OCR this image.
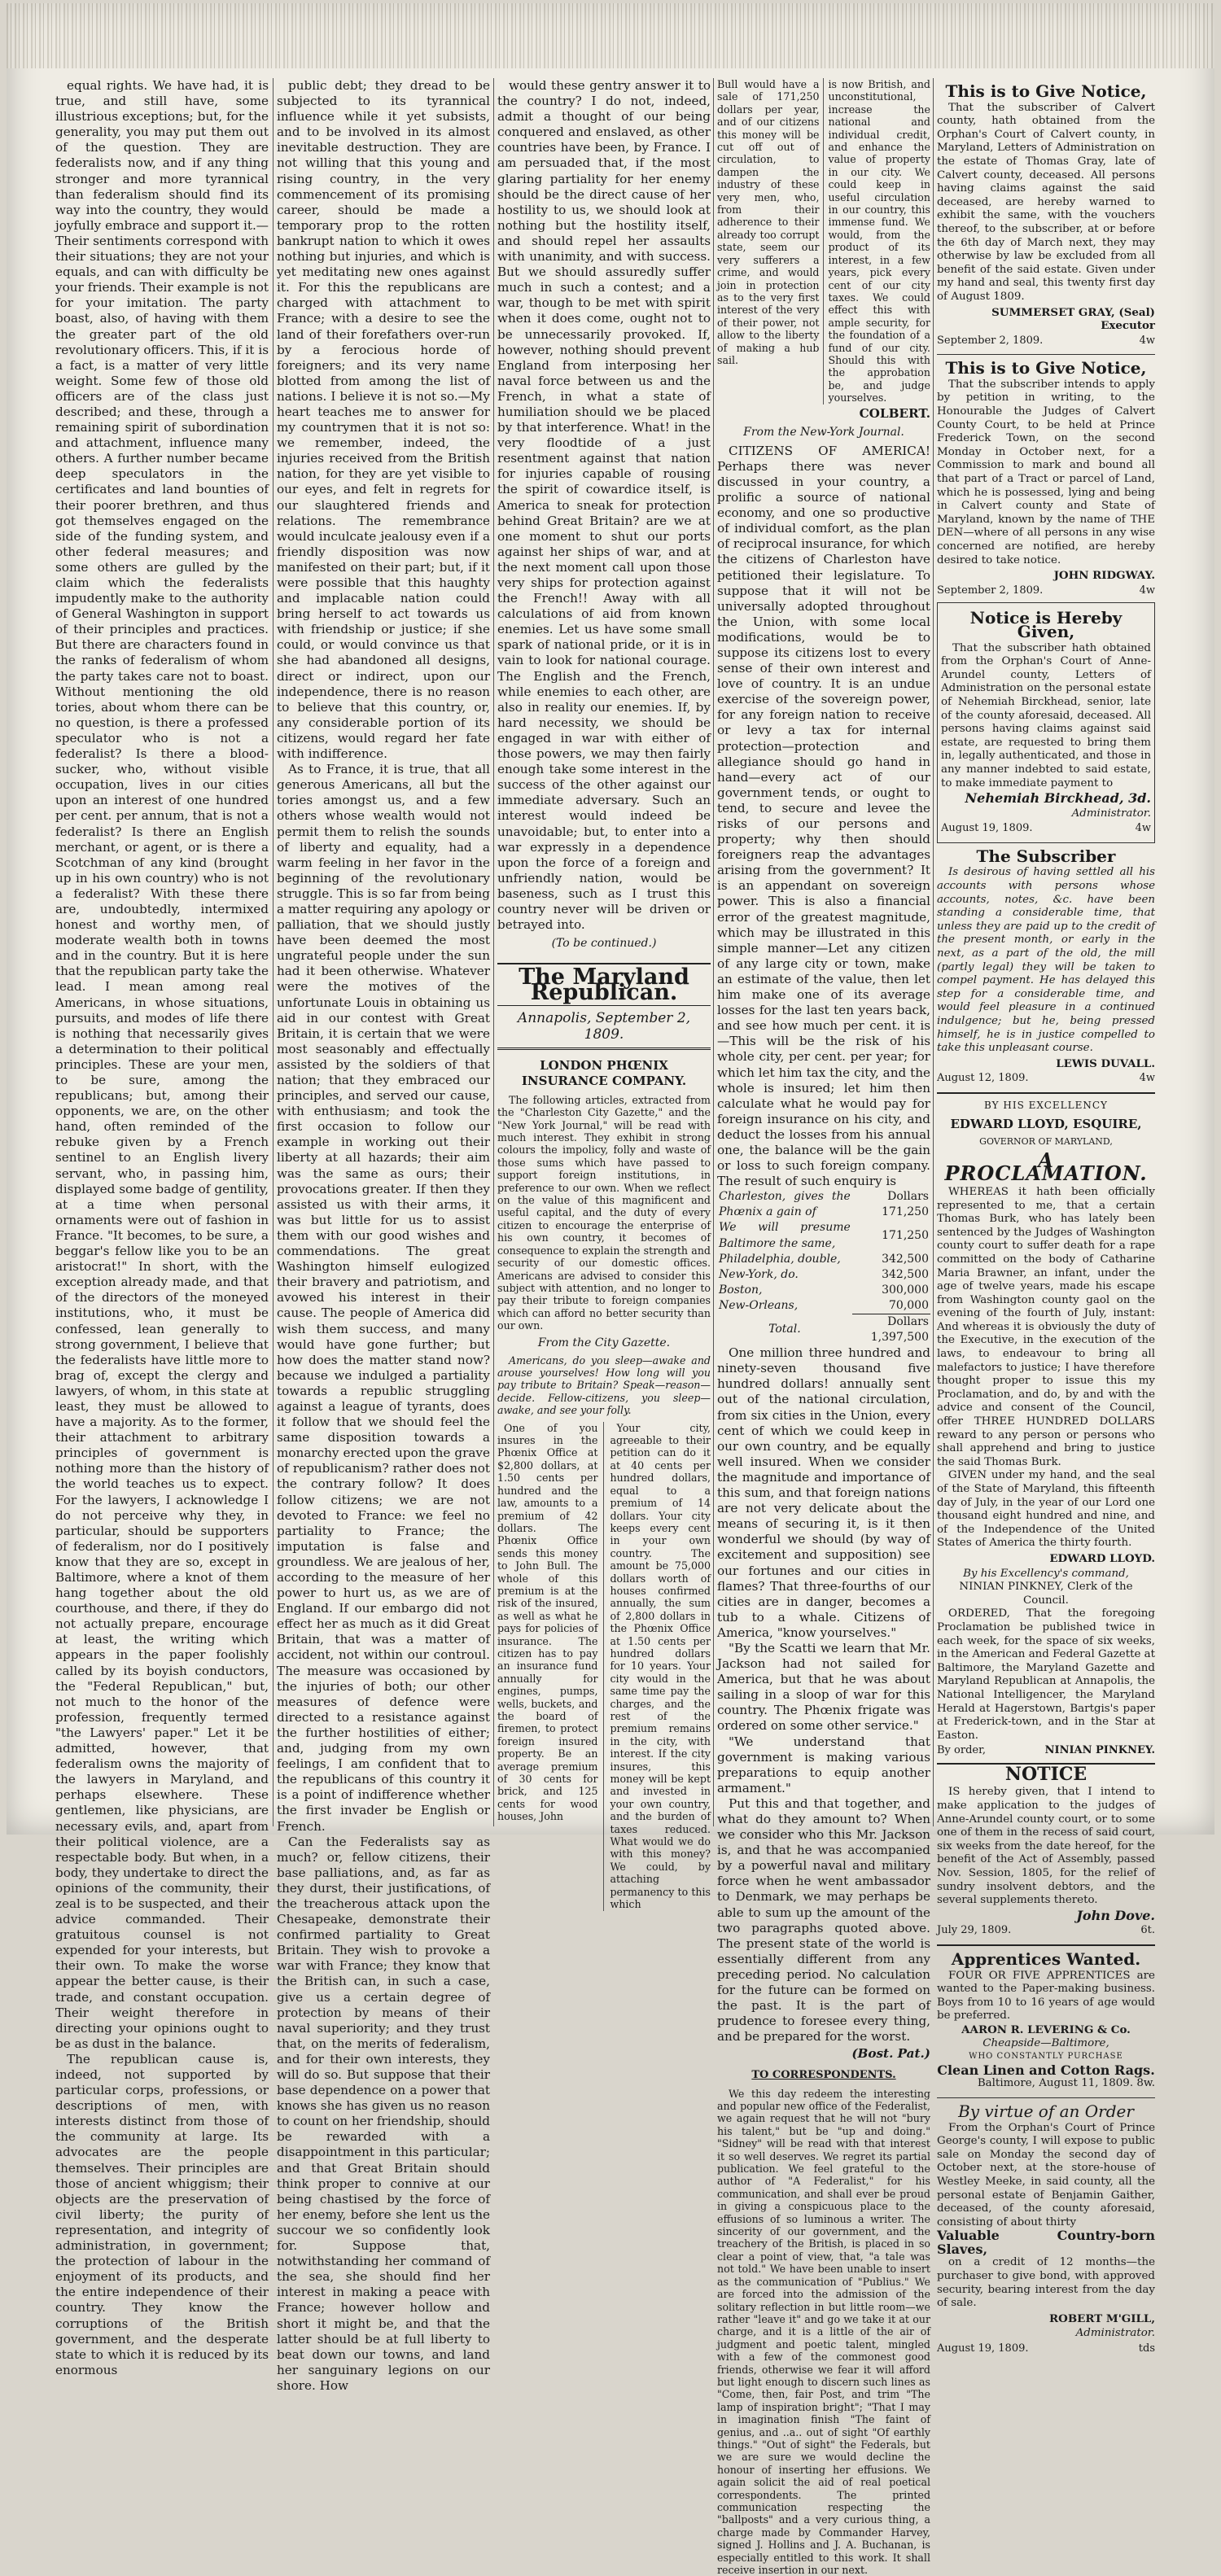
equal rights. We have had, it is true, and still have, some illustrious exceptions; but, for the generality, you may put them out of the question. They are federalists now, and if any thing stronger and more tyrannical than federalism should find its way into the country, they would joyfully embrace and support it.—Their sentiments correspond with their situations; they are not your equals, and can with difficulty be your friends. Their example is not for your imitation. The party boast, also, of having with them the greater part of the old revolutionary officers. This, if it is a fact, is a matter of very little weight. Some few of those old officers are of the class just described; and these, through a remaining spirit of subordination and attachment, influence many others. A further number became deep speculators in the certificates and land bounties of their poorer brethren, and thus got themselves engaged on the side of the funding system, and other federal measures; and some others are gulled by the claim which the federalists impudently make to the authority of General Washington in support of their principles and practices. But there are characters found in the ranks of federalism of whom the party takes care not to boast. Without mentioning the old tories, about whom there can be no question, is there a professed speculator who is not a federalist? Is there a blood-sucker, who, without visible occupation, lives in our cities upon an interest of one hundred per cent. per annum, that is not a federalist? Is there an English merchant, or agent, or is there a Scotchman of any kind (brought up in his own country) who is not a federalist? With these there are, undoubtedly, intermixed honest and worthy men, of moderate wealth both in towns and in the country. But it is here that the republican party take the lead. I mean among real Americans, in whose situations, pursuits, and modes of life there is nothing that necessarily gives a determination to their political principles. These are your men, to be sure, among the republicans; but, among their opponents, we are, on the other hand, often reminded of the rebuke given by a French sentinel to an English livery servant, who, in passing him, displayed some badge of gentility, at a time when personal ornaments were out of fashion in France. "It becomes, to be sure, a beggar's fellow like you to be an aristocrat!" In short, with the exception already made, and that of the directors of the moneyed institutions, who, it must be confessed, lean generally to strong government, I believe that the federalists have little more to brag of, except the clergy and lawyers, of whom, in this state at least, they must be allowed to have a majority. As to the former, their attachment to arbitrary principles of government is nothing more than the history of the world teaches us to expect. For the lawyers, I acknowledge I do not perceive why they, in particular, should be supporters of federalism, nor do I positively know that they are so, except in Baltimore, where a knot of them hang together about the old courthouse, and there, if they do not actually prepare, encourage at least, the writing which appears in the paper foolishly called by its boyish conductors, the "Federal Republican," but, not much to the honor of the profession, frequently termed "the Lawyers' paper." Let it be admitted, however, that federalism owns the majority of the lawyers in Maryland, and perhaps elsewhere. These gentlemen, like physicians, are necessary evils, and, apart from their political violence, are a respectable body. But when, in a body, they undertake to direct the opinions of the community, their zeal is to be suspected, and their advice commanded. Their gratuitous counsel is not expended for your interests, but their own. To make the worse appear the better cause, is their trade, and constant occupation. Their weight therefore in directing your opinions ought to be as dust in the balance.

The republican cause is, indeed, not supported by particular corps, professions, or descriptions of men, with interests distinct from those of the community at large. Its advocates are the people themselves. Their principles are those of ancient whiggism; their objects are the preservation of civil liberty; the purity of representation, and integrity of administration, in government; the protection of labour in the enjoyment of its products, and the entire independence of their country. They know the corruptions of the British government, and the desperate state to which it is reduced by its enormous

public debt; they dread to be subjected to its tyrannical influence while it yet subsists, and to be involved in its almost inevitable destruction. They are not willing that this young and rising country, in the very commencement of its promising career, should be made a temporary prop to the rotten bankrupt nation to which it owes nothing but injuries, and which is yet meditating new ones against it. For this the republicans are charged with attachment to France; with a desire to see the land of their forefathers over-run by a ferocious horde of foreigners; and its very name blotted from among the list of nations. I believe it is not so.—My heart teaches me to answer for my countrymen that it is not so: we remember, indeed, the injuries received from the British nation, for they are yet visible to our eyes, and felt in regrets for our slaughtered friends and relations. The remembrance would inculcate jealousy even if a friendly disposition was now manifested on their part; but, if it were possible that this haughty and implacable nation could bring herself to act towards us with friendship or justice; if she could, or would convince us that she had abandoned all designs, direct or indirect, upon our independence, there is no reason to believe that this country, or, any considerable portion of its citizens, would regard her fate with indifference.

As to France, it is true, that all generous Americans, all but the tories amongst us, and a few others whose wealth would not permit them to relish the sounds of liberty and equality, had a warm feeling in her favor in the beginning of the revolutionary struggle. This is so far from being a matter requiring any apology or palliation, that we should justly have been deemed the most ungrateful people under the sun had it been otherwise. Whatever were the motives of the unfortunate Louis in obtaining us aid in our contest with Great Britain, it is certain that we were most seasonably and effectually assisted by the soldiers of that nation; that they embraced our principles, and served our cause, with enthusiasm; and took the first occasion to follow our example in working out their liberty at all hazards; their aim was the same as ours; their provocations greater. If then they assisted us with their arms, it was but little for us to assist them with our good wishes and commendations. The great Washington himself eulogized their bravery and patriotism, and avowed his interest in their cause. The people of America did wish them success, and many would have gone further; but how does the matter stand now? because we indulged a partiality towards a republic struggling against a league of tyrants, does it follow that we should feel the same disposition towards a monarchy erected upon the grave of republicanism? rather does not the contrary follow? It does follow citizens; we are not devoted to France: we feel no partiality to France; the imputation is false and groundless. We are jealous of her, according to the measure of her power to hurt us, as we are of England. If our embargo did not effect her as much as it did Great Britain, that was a matter of accident, not within our controul. The measure was occasioned by the injuries of both; our other measures of defence were directed to a resistance against the further hostilities of either; and, judging from my own feelings, I am confident that to the republicans of this country it is a point of indifference whether the first invader be English or French.

Can the Federalists say as much? or, fellow citizens, their base palliations, and, as far as they durst, their justifications, of the treacherous attack upon the Chesapeake, demonstrate their confirmed partiality to Great Britain. They wish to provoke a war with France; they know that the British can, in such a case, give us a certain degree of protection by means of their naval superiority; and they trust that, on the merits of federalism, and for their own interests, they will do so. But suppose that their base dependence on a power that knows she has given us no reason to count on her friendship, should be rewarded with a disappointment in this particular; and that Great Britain should think proper to connive at our being chastised by the force of her enemy, before she lent us the succour we so confidently look for. Suppose that, notwithstanding her command of the sea, she should find her interest in making a peace with France; however hollow and short it might be, and that the latter should be at full liberty to beat down our towns, and land her sanguinary legions on our shore. How

would these gentry answer it to the country? I do not, indeed, admit a thought of our being conquered and enslaved, as other countries have been, by France. I am persuaded that, if the most glaring partiality for her enemy should be the direct cause of her hostility to us, we should look at nothing but the hostility itself, and should repel her assaults with unanimity, and with success. But we should assuredly suffer much in such a contest; and a war, though to be met with spirit when it does come, ought not to be unnecessarily provoked. If, however, nothing should prevent England from interposing her naval force between us and the French, in what a state of humiliation should we be placed by that interference. What! in the very floodtide of a just resentment against that nation for injuries capable of rousing the spirit of cowardice itself, is America to sneak for protection behind Great Britain? are we at one moment to shut our ports against her ships of war, and at the next moment call upon those very ships for protection against the French!! Away with all calculations of aid from known enemies. Let us have some small spark of national pride, or it is in vain to look for national courage. The English and the French, while enemies to each other, are also in reality our enemies. If, by hard necessity, we should be engaged in war with either of those powers, we may then fairly enough take some interest in the success of the other against our immediate adversary. Such an interest would indeed be unavoidable; but, to enter into a war expressly in a dependence upon the force of a foreign and unfriendly nation, would be baseness, such as I trust this country never will be driven or betrayed into.

(To be continued.)
The Maryland Republican.
Annapolis, September 2, 1809.
LONDON PHŒNIX INSURANCE COMPANY.

The following articles, extracted from the "Charleston City Gazette," and the "New York Journal," will be read with much interest. They exhibit in strong colours the impolicy, folly and waste of those sums which have passed to support foreign institutions, in preference to our own. When we reflect on the value of this magnificent and useful capital, and the duty of every citizen to encourage the enterprise of his own country, it becomes of consequence to explain the strength and security of our domestic offices. Americans are advised to consider this subject with attention, and no longer to pay their tribute to foreign companies which can afford no better security than our own.

From the City Gazette.

Americans, do you sleep—awake and arouse yourselves! How long will you pay tribute to Britain? Speak—reason—decide. Fellow-citizens, you sleep—awake, and see your folly.

One of you insures in the Phœnix Office at $2,800 dollars, at 1.50 cents per hundred and the law, amounts to a premium of 42 dollars. The Phœnix Office sends this money to John Bull. The whole of this premium is at the risk of the insured, as well as what he pays for policies of insurance. The citizen has to pay an insurance fund annually for engines, pumps, wells, buckets, and the board of firemen, to protect foreign insured property. Be an average premium of 30 cents for brick, and 125 cents for wood houses, John

Your city, agreeable to their petition can do it at 40 cents per hundred dollars, equal to a premium of 14 dollars. Your city keeps every cent in your own country. The amount be 75,000 dollars worth of houses confirmed annually, the sum of 2,800 dollars in the Phœnix Office at 1.50 cents per hundred dollars for 10 years. Your city would in the same time pay the charges, and the rest of the premium remains in the city, with interest. If the city insures, this money will be kept and invested in your own country, and the burden of taxes reduced. What would we do with this money? We could, by attaching permanency to this which

Bull would have a sale of 171,250 dollars per year, and of our citizens this money will be cut off out of circulation, to dampen the industry of these very men, who, from their adherence to their already too corrupt state, seem our very sufferers a crime, and would join in protection as to the very first interest of the very of their power, not allow to the liberty of making a hub sail.

is now British, and unconstitutional, increase the national and individual credit, and enhance the value of property in our city. We could keep in useful circulation in our country, this immense fund. We would, from the product of its interest, in a few years, pick every cent of our city taxes. We could effect this with ample security, for the foundation of a fund of our city. Should this with the approbation be, and judge yourselves.

COLBERT.
From the New-York Journal.

CITIZENS OF AMERICA! Perhaps there was never discussed in your country, a prolific a source of national economy, and one so productive of individual comfort, as the plan of reciprocal insurance, for which the citizens of Charleston have petitioned their legislature. To suppose that it will not be universally adopted throughout the Union, with some local modifications, would be to suppose its citizens lost to every sense of their own interest and love of country. It is an undue exercise of the sovereign power, for any foreign nation to receive or levy a tax for internal protection—protection and allegiance should go hand in hand—every act of our government tends, or ought to tend, to secure and levee the risks of our persons and property; why then should foreigners reap the advantages arising from the government? It is an appendant on sovereign power. This is also a financial error of the greatest magnitude, which may be illustrated in this simple manner—Let any citizen of any large city or town, make an estimate of the value, then let him make one of its average losses for the last ten years back, and see how much per cent. it is—This will be the risk of his whole city, per cent. per year; for which let him tax the city, and the whole is insured; let him then calculate what he would pay for foreign insurance on his city, and deduct the losses from his annual one, the balance will be the gain or loss to such foreign company. The result of such enquiry is

Charleston, gives the Phœnix a gain of	Dollars 171,250
We will presume Baltimore the same,	171,250
Philadelphia, double,	342,500
New-York, do.	342,500
Boston,	300,000
New-Orleans,	70,000
Total.	Dollars 1,397,500

One million three hundred and ninety-seven thousand five hundred dollars! annually sent out of the national circulation, from six cities in the Union, every cent of which we could keep in our own country, and be equally well insured. When we consider the magnitude and importance of this sum, and that foreign nations are not very delicate about the means of securing it, is it then wonderful we should (by way of excitement and supposition) see our fortunes and our cities in flames? That three-fourths of our cities are in danger, becomes a tub to a whale. Citizens of America, "know yourselves."

"By the Scatti we learn that Mr. Jackson had not sailed for America, but that he was about sailing in a sloop of war for this country. The Phœnix frigate was ordered on some other service."

"We understand that government is making various preparations to equip another armament."

Put this and that together, and what do they amount to? When we consider who this Mr. Jackson is, and that he was accompanied by a powerful naval and military force when he went ambassador to Denmark, we may perhaps be able to sum up the amount of the two paragraphs quoted above. The present state of the world is essentially different from any preceding period. No calculation for the future can be formed on the past. It is the part of prudence to foresee every thing, and be prepared for the worst.

(Bost. Pat.)
TO CORRESPONDENTS.

We this day redeem the interesting and popular new office of the Federalist, we again request that he will not "bury his talent," but be "up and doing." "Sidney" will be read with that interest it so well deserves. We regret its partial publication. We feel grateful to the author of "A Federalist," for his communication, and shall ever be proud in giving a conspicuous place to the effusions of so luminous a writer. The sincerity of our government, and the treachery of the British, is placed in so clear a point of view, that, "a tale was not told." We have been unable to insert as the communication of "Publius." We are forced into the admission of the solitary reflection in but little room—we rather "leave it" and go we take it at our charge, and it is a little of the air of judgment and poetic talent, mingled with a few of the commonest good friends, otherwise we fear it will afford but light enough to discern such lines as "Come, then, fair Post, and trim "The lamp of inspiration bright"; "That I may in imagination finish "The faint of genius, and ..a.. out of sight "Of earthly things." "Out of sight" the Federals, but we are sure we would decline the honour of inserting her effusions. We again solicit the aid of real poetical correspondents. The printed communication respecting the "ballposts" and a very curious thing, a charge made by Commander Harvey, signed J. Hollins and J. A. Buchanan, is especially entitled to this work. It shall receive insertion in our next.

This is to Give Notice,

That the subscriber of Calvert county, hath obtained from the Orphan's Court of Calvert county, in Maryland, Letters of Administration on the estate of Thomas Gray, late of Calvert county, deceased. All persons having claims against the said deceased, are hereby warned to exhibit the same, with the vouchers thereof, to the subscriber, at or before the 6th day of March next, they may otherwise by law be excluded from all benefit of the said estate. Given under my hand and seal, this twenty first day of August 1809.

SUMMERSET GRAY, (Seal) Executor
September 2, 1809.	4w
This is to Give Notice,

That the subscriber intends to apply by petition in writing, to the Honourable the Judges of Calvert County Court, to be held at Prince Frederick Town, on the second Monday in October next, for a Commission to mark and bound all that part of a Tract or parcel of Land, which he is possessed, lying and being in Calvert county and State of Maryland, known by the name of THE DEN—where of all persons in any wise concerned are notified, are hereby desired to take notice.

JOHN RIDGWAY.
September 2, 1809.	4w
Notice is Hereby Given,

That the subscriber hath obtained from the Orphan's Court of Anne-Arundel county, Letters of Administration on the personal estate of Nehemiah Birckhead, senior, late of the county aforesaid, deceased. All persons having claims against said estate, are requested to bring them in, legally authenticated, and those in any manner indebted to said estate, to make immediate payment to

Nehemiah Birckhead, 3d.
Administrator.
August 19, 1809.	4w
The Subscriber

Is desirous of having settled all his accounts with persons whose accounts, notes, &c. have been standing a considerable time, that unless they are paid up to the credit of the present month, or early in the next, as a part of the old, the mill (partly legal) they will be taken to compel payment. He has delayed this step for a considerable time, and would feel pleasure in a continued indulgence; but he, being pressed himself, he is in justice compelled to take this unpleasant course.

LEWIS DUVALL.
August 12, 1809.	4w
BY HIS EXCELLENCY
EDWARD LLOYD, ESQUIRE,
GOVERNOR OF MARYLAND,
A PROCLAMATION.

WHEREAS it hath been officially represented to me, that a certain Thomas Burk, who has lately been sentenced by the Judges of Washington county court to suffer death for a rape committed on the body of Catharine Maria Brawner, an infant, under the age of twelve years, made his escape from Washington county gaol on the evening of the fourth of July, instant: And whereas it is obviously the duty of the Executive, in the execution of the laws, to endeavour to bring all malefactors to justice; I have therefore thought proper to issue this my Proclamation, and do, by and with the advice and consent of the Council, offer THREE HUNDRED DOLLARS reward to any person or persons who shall apprehend and bring to justice the said Thomas Burk.

GIVEN under my hand, and the seal of the State of Maryland, this fifteenth day of July, in the year of our Lord one thousand eight hundred and nine, and of the Independence of the United States of America the thirty fourth.

EDWARD LLOYD.
By his Excellency's command,
NINIAN PINKNEY, Clerk of the Council.

ORDERED, That the foregoing Proclamation be published twice in each week, for the space of six weeks, in the American and Federal Gazette at Baltimore, the Maryland Gazette and Maryland Republican at Annapolis, the National Intelligencer, the Maryland Herald at Hagerstown, Bartgis's paper at Frederick-town, and in the Star at Easton.

By order,	NINIAN PINKNEY.
NOTICE

IS hereby given, that I intend to make application to the judges of Anne-Arundel county court, or to some one of them in the recess of said court, six weeks from the date hereof, for the benefit of the Act of Assembly, passed Nov. Session, 1805, for the relief of sundry insolvent debtors, and the several supplements thereto.

John Dove.
July 29, 1809.	6t.
Apprentices Wanted.

FOUR OR FIVE APPRENTICES are wanted to the Paper-making business. Boys from 10 to 16 years of age would be preferred.

AARON R. LEVERING & Co.
Cheapside—Baltimore,
WHO CONSTANTLY PURCHASE
Clean Linen and Cotton Rags.
Baltimore, August 11, 1809. 8w.
By virtue of an Order

From the Orphan's Court of Prince George's county, I will expose to public sale on Monday the second day of October next, at the store-house of Westley Meeke, in said county, all the personal estate of Benjamin Gaither, deceased, of the county aforesaid, consisting of about thirty

Valuable Country-born Slaves,

on a credit of 12 months—the purchaser to give bond, with approved security, bearing interest from the day of sale.

ROBERT M'GILL,
Administrator.
August 19, 1809.	tds
